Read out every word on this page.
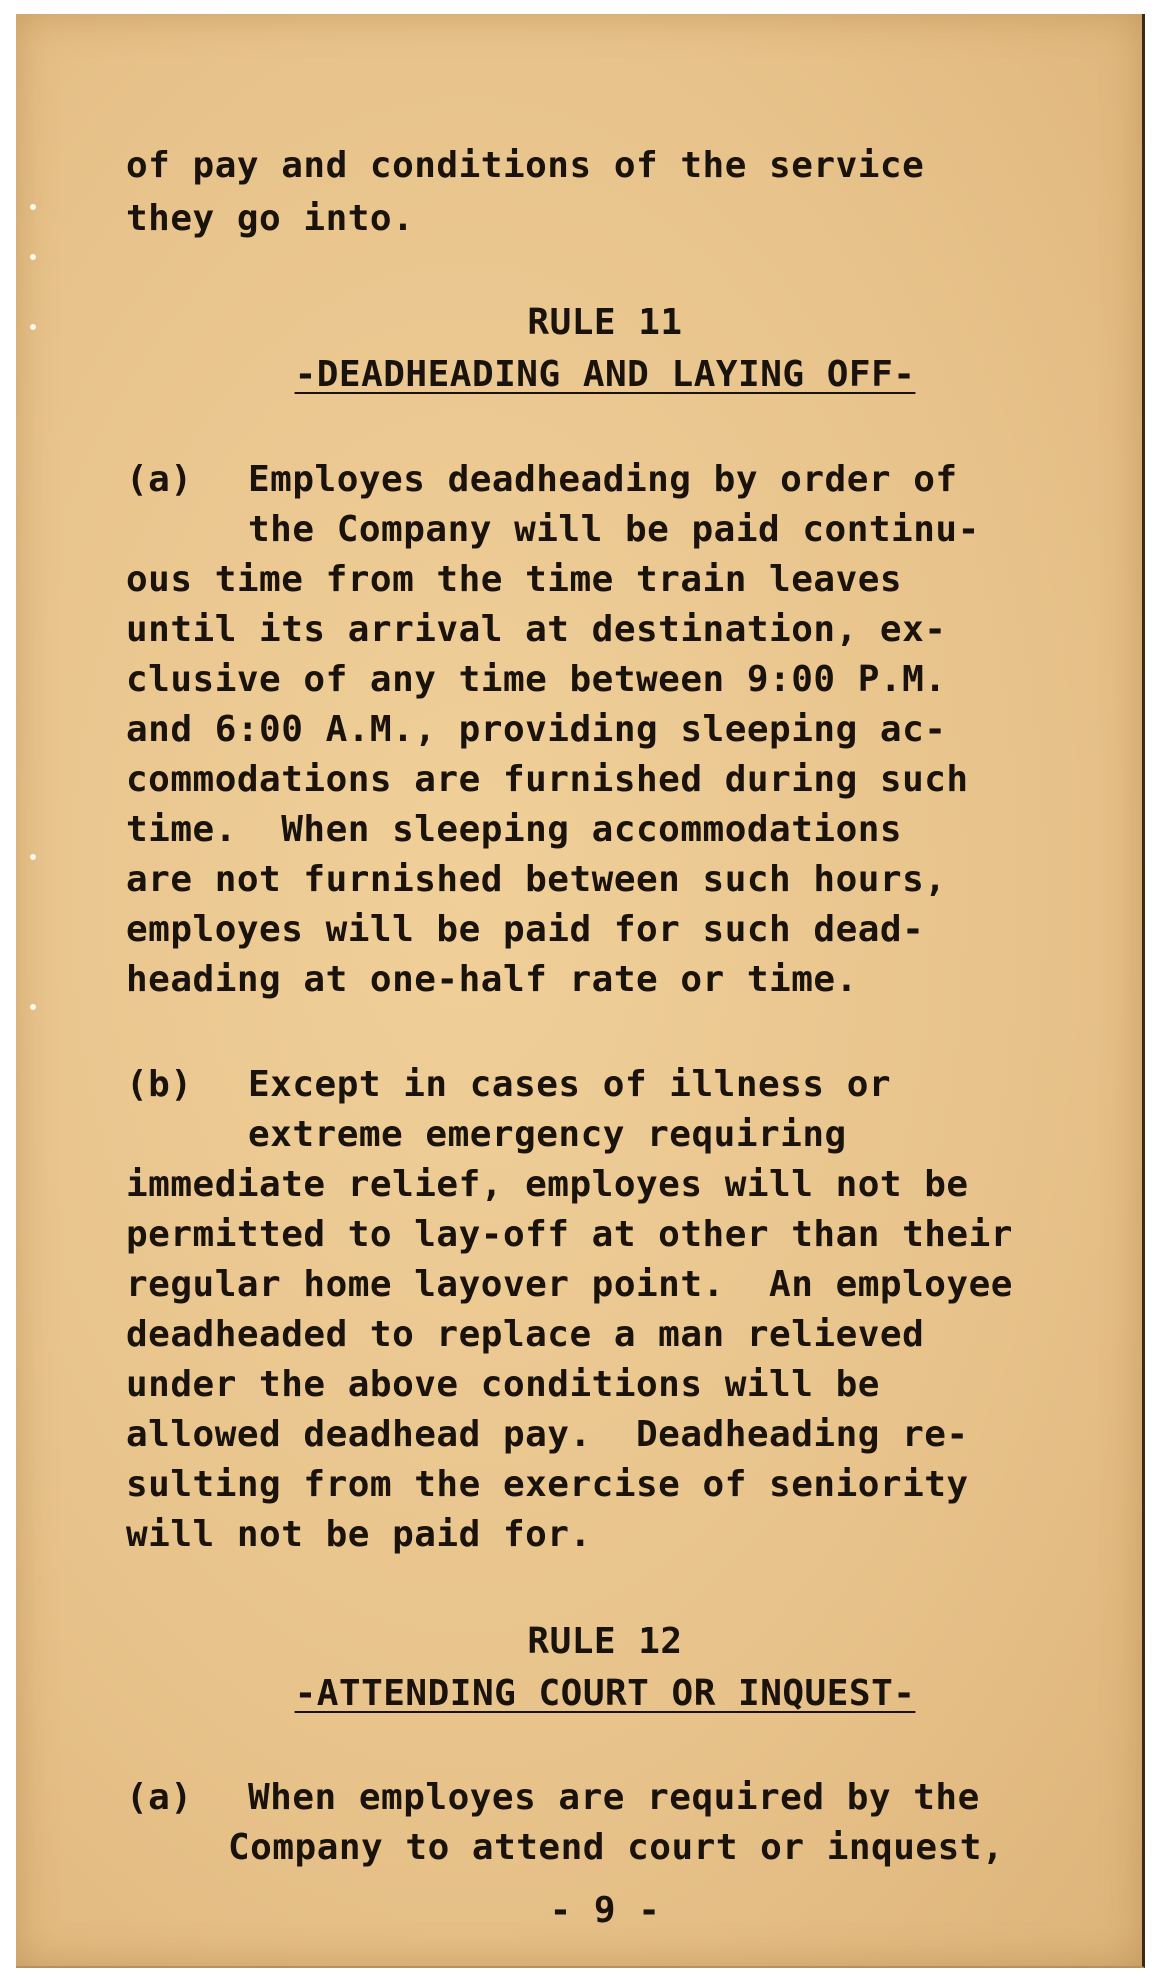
of pay and conditions of the service
they go into.
RULE 11
-DEADHEADING AND LAYING OFF-
(a) Employes deadheading by order of
the Company will be paid continu-
ous time from the time train leaves
until its arrival at destination, ex-
clusive of any time between 9:00 P.M.
and 6:00 A.M., providing sleeping ac-
commodations are furnished during such
time.  When sleeping accommodations
are not furnished between such hours,
employes will be paid for such dead-
heading at one-half rate or time.
(b) Except in cases of illness or
extreme emergency requiring
immediate relief, employes will not be
permitted to lay-off at other than their
regular home layover point.  An employee
deadheaded to replace a man relieved
under the above conditions will be
allowed deadhead pay.  Deadheading re-
sulting from the exercise of seniority
will not be paid for.
RULE 12
-ATTENDING COURT OR INQUEST-
(a) When employes are required by the
Company to attend court or inquest,
- 9 -
